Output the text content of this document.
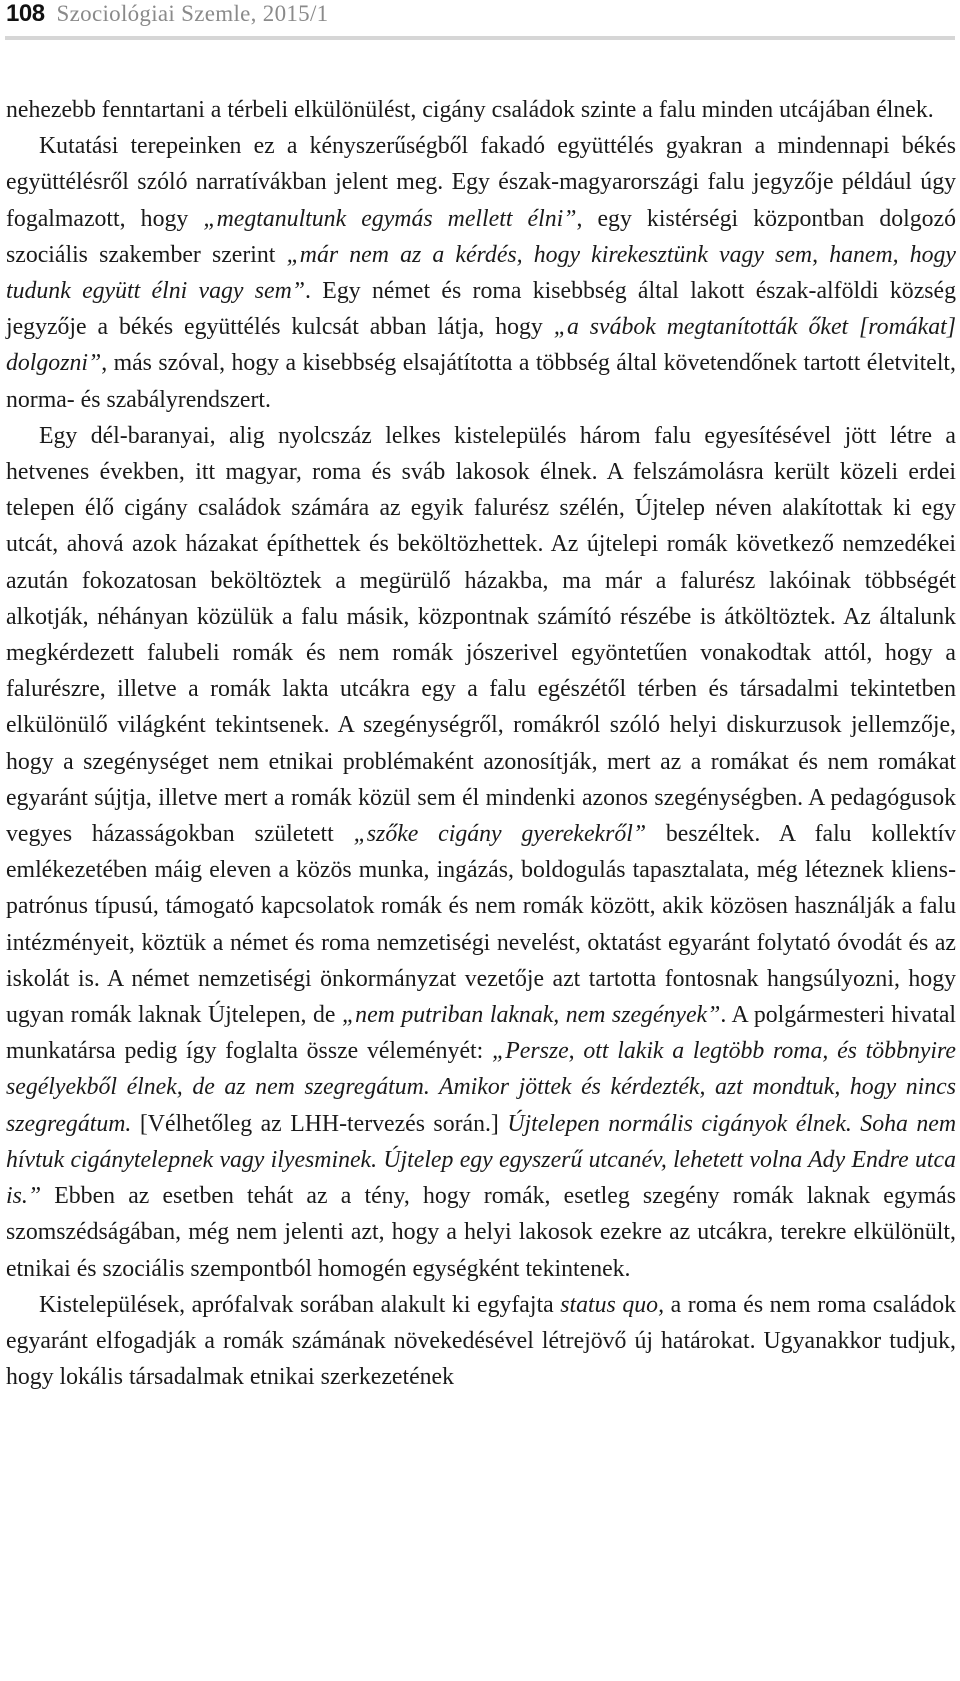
108 Szociológiai Szemle, 2015/1

nehezebb fenntartani a térbeli elkülönülést, cigány családok szinte a falu minden utcájában élnek.

Kutatási terepeinken ez a kényszerűségből fakadó együttélés gyakran a mindennapi békés együttélésről szóló narratívákban jelent meg. Egy észak-magyarországi falu jegyzője például úgy fogalmazott, hogy „megtanultunk egymás mellett élni”, egy kistérségi központban dolgozó szociális szakember szerint „már nem az a kérdés, hogy kirekesztünk vagy sem, hanem, hogy tudunk együtt élni vagy sem”. Egy német és roma kisebbség által lakott észak-alföldi község jegyzője a békés együttélés kulcsát abban látja, hogy „a svábok megtanították őket [romákat] dolgozni”, más szóval, hogy a kisebbség elsajátította a többség által követendőnek tartott életvitelt, norma- és szabályrendszert.

Egy dél-baranyai, alig nyolcszáz lelkes kistelepülés három falu egyesítésével jött létre a hetvenes években, itt magyar, roma és sváb lakosok élnek. A felszámolásra került közeli erdei telepen élő cigány családok számára az egyik falurész szélén, Újtelep néven alakítottak ki egy utcát, ahová azok házakat építhettek és beköltözhettek. Az újtelepi romák következő nemzedékei azután fokozatosan beköltöztek a megürülő házakba, ma már a falurész lakóinak többségét alkotják, néhányan közülük a falu másik, központnak számító részébe is átköltöztek. Az általunk megkérdezett falubeli romák és nem romák jószerivel egyöntetűen vonakodtak attól, hogy a falurészre, illetve a romák lakta utcákra egy a falu egészétől térben és társadalmi tekintetben elkülönülő világként tekintsenek. A szegénységről, romákról szóló helyi diskurzusok jellemzője, hogy a szegénységet nem etnikai problémaként azonosítják, mert az a romákat és nem romákat egyaránt sújtja, illetve mert a romák közül sem él mindenki azonos szegénységben. A pedagógusok vegyes házasságokban született „szőke cigány gyerekekről” beszéltek. A falu kollektív emlékezetében máig eleven a közös munka, ingázás, boldogulás tapasztalata, még léteznek kliens-patrónus típusú, támogató kapcsolatok romák és nem romák között, akik közösen használják a falu intézményeit, köztük a német és roma nemzetiségi nevelést, oktatást egyaránt folytató óvodát és az iskolát is. A német nemzetiségi önkormányzat vezetője azt tartotta fontosnak hangsúlyozni, hogy ugyan romák laknak Újtelepen, de „nem putriban laknak, nem szegények”. A polgármesteri hivatal munkatársa pedig így foglalta össze véleményét: „Persze, ott lakik a legtöbb roma, és többnyire segélyekből élnek, de az nem szegregátum. Amikor jöttek és kérdezték, azt mondtuk, hogy nincs szegregátum. [Vélhetőleg az LHH-tervezés során.] Újtelepen normális cigányok élnek. Soha nem hívtuk cigánytelepnek vagy ilyesminek. Újtelep egy egyszerű utcanév, lehetett volna Ady Endre utca is.” Ebben az esetben tehát az a tény, hogy romák, esetleg szegény romák laknak egymás szomszédságában, még nem jelenti azt, hogy a helyi lakosok ezekre az utcákra, terekre elkülönült, etnikai és szociális szempontból homogén egységként tekintenek.

Kistelepülések, aprófalvak sorában alakult ki egyfajta status quo, a roma és nem roma családok egyaránt elfogadják a romák számának növekedésével létrejövő új határokat. Ugyanakkor tudjuk, hogy lokális társadalmak etnikai szerkezetének
